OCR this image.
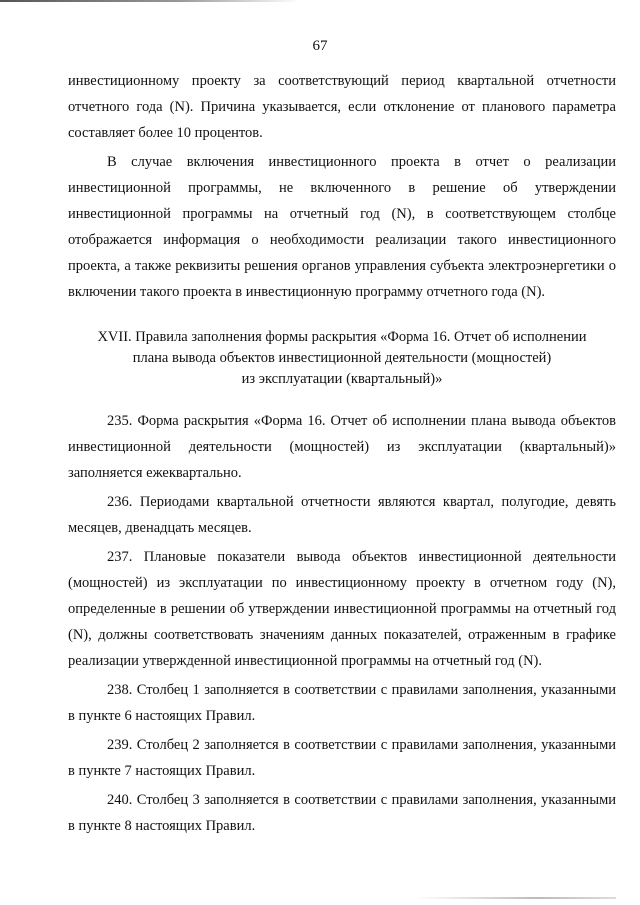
67

инвестиционному проекту за соответствующий период квартальной отчетности отчетного года (N). Причина указывается, если отклонение от планового параметра составляет более 10 процентов.

В случае включения инвестиционного проекта в отчет о реализации инвестиционной программы, не включенного в решение об утверждении инвестиционной программы на отчетный год (N), в соответствующем столбце отображается информация о необходимости реализации такого инвестиционного проекта, а также реквизиты решения органов управления субъекта электроэнергетики о включении такого проекта в инвестиционную программу отчетного года (N).

XVII. Правила заполнения формы раскрытия «Форма 16. Отчет об исполнении
плана вывода объектов инвестиционной деятельности (мощностей)
из эксплуатации (квартальный)»

235. Форма раскрытия «Форма 16. Отчет об исполнении плана вывода объектов инвестиционной деятельности (мощностей) из эксплуатации (квартальный)» заполняется ежеквартально.

236. Периодами квартальной отчетности являются квартал, полугодие, девять месяцев, двенадцать месяцев.

237. Плановые показатели вывода объектов инвестиционной деятельности (мощностей) из эксплуатации по инвестиционному проекту в отчетном году (N), определенные в решении об утверждении инвестиционной программы на отчетный год (N), должны соответствовать значениям данных показателей, отраженным в графике реализации утвержденной инвестиционной программы на отчетный год (N).

238. Столбец 1 заполняется в соответствии с правилами заполнения, указанными в пункте 6 настоящих Правил.

239. Столбец 2 заполняется в соответствии с правилами заполнения, указанными в пункте 7 настоящих Правил.

240. Столбец 3 заполняется в соответствии с правилами заполнения, указанными в пункте 8 настоящих Правил.
